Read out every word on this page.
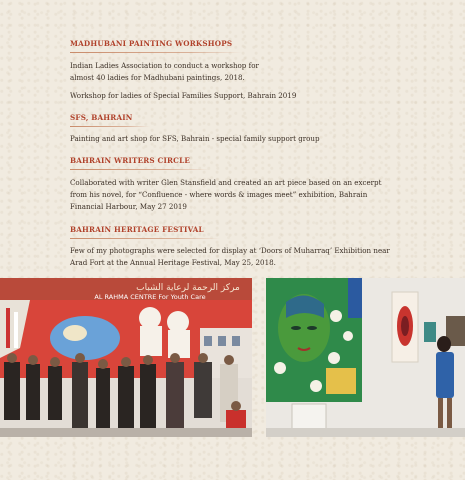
MADHUBANI PAINTING WORKSHOPS

Indian Ladies Association to conduct a workshop for almost 40 ladies for Madhubani paintings, 2018.

Workshop for ladies of Special Families Support, Bahrain 2019

SFS, BAHRAIN

Painting and art shop for SFS, Bahrain - special family support group

BAHRAIN WRITERS CIRCLE

Collaborated with writer Glen Stansfield and created an art piece based on an excerpt from his novel, for “Confluence - where words & images meet” exhibition, Bahrain Financial Harbour, May 27 2019

BAHRAIN HERITAGE FESTIVAL

Few of my photographs were selected for display at ‘Doors of Muharraq’ Exhibition near Arad Fort at the Annual Heritage Festival, May 25, 2018.

مركز الرحمة لرعاية الشباب
AL RAHMA CENTRE For Youth Care
